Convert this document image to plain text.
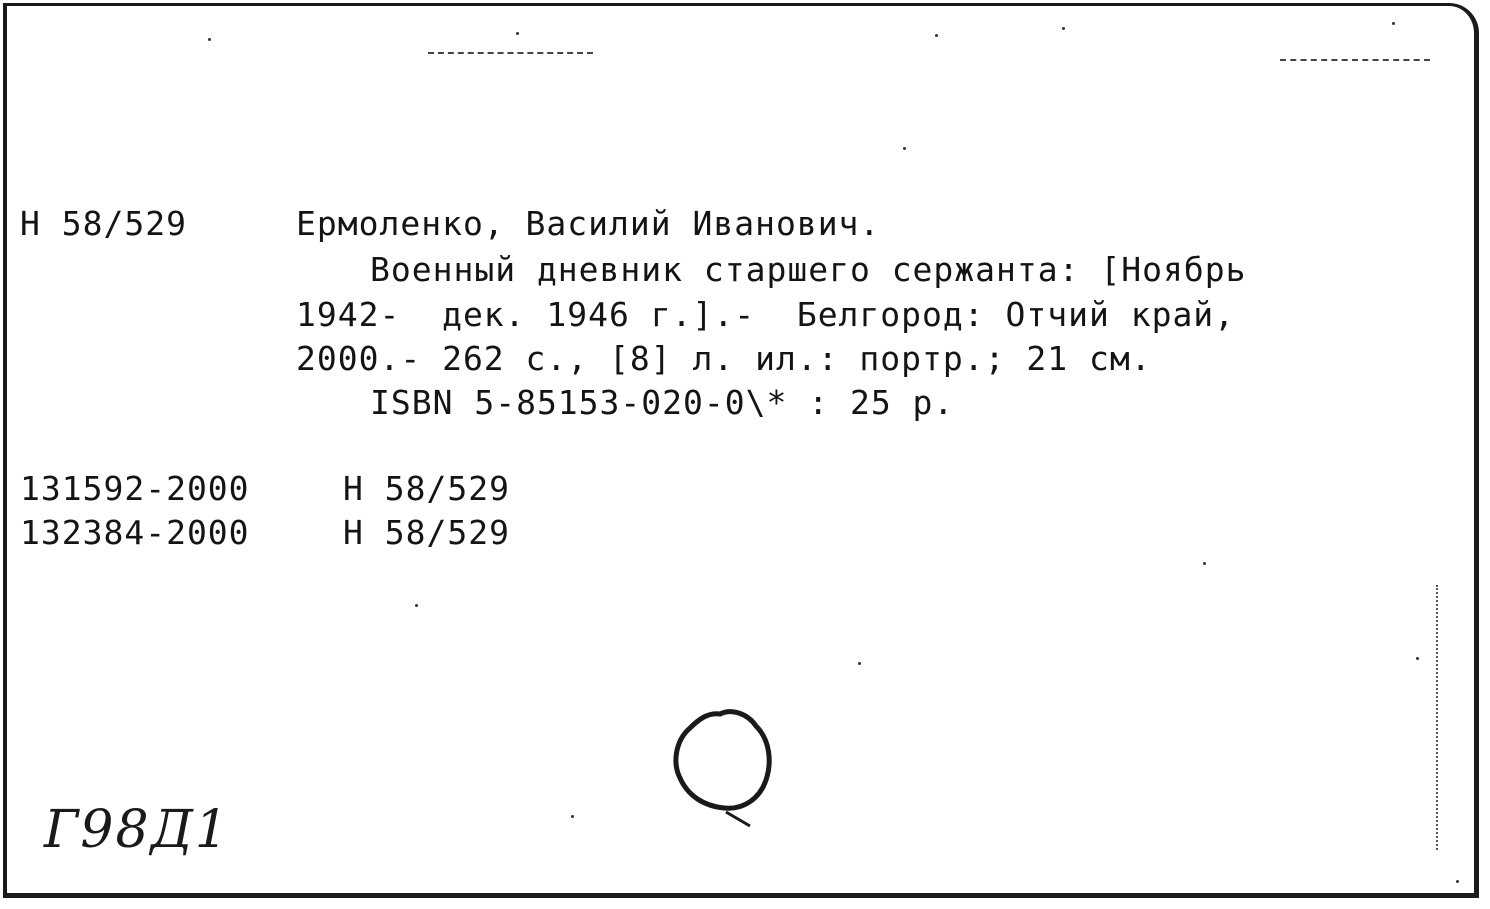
Н 58/529	Ермоленко, Василий Иванович.
Военный дневник старшего сержанта: [Ноябрь
1942-  дек. 1946 г.].-  Белгород: Отчий край,
2000.- 262 с., [8] л. ил.: портр.; 21 см.
ISBN 5-85153-020-0\* : 25 р.
131592-2000	Н 58/529
132384-2000	Н 58/529
Г98Д1
